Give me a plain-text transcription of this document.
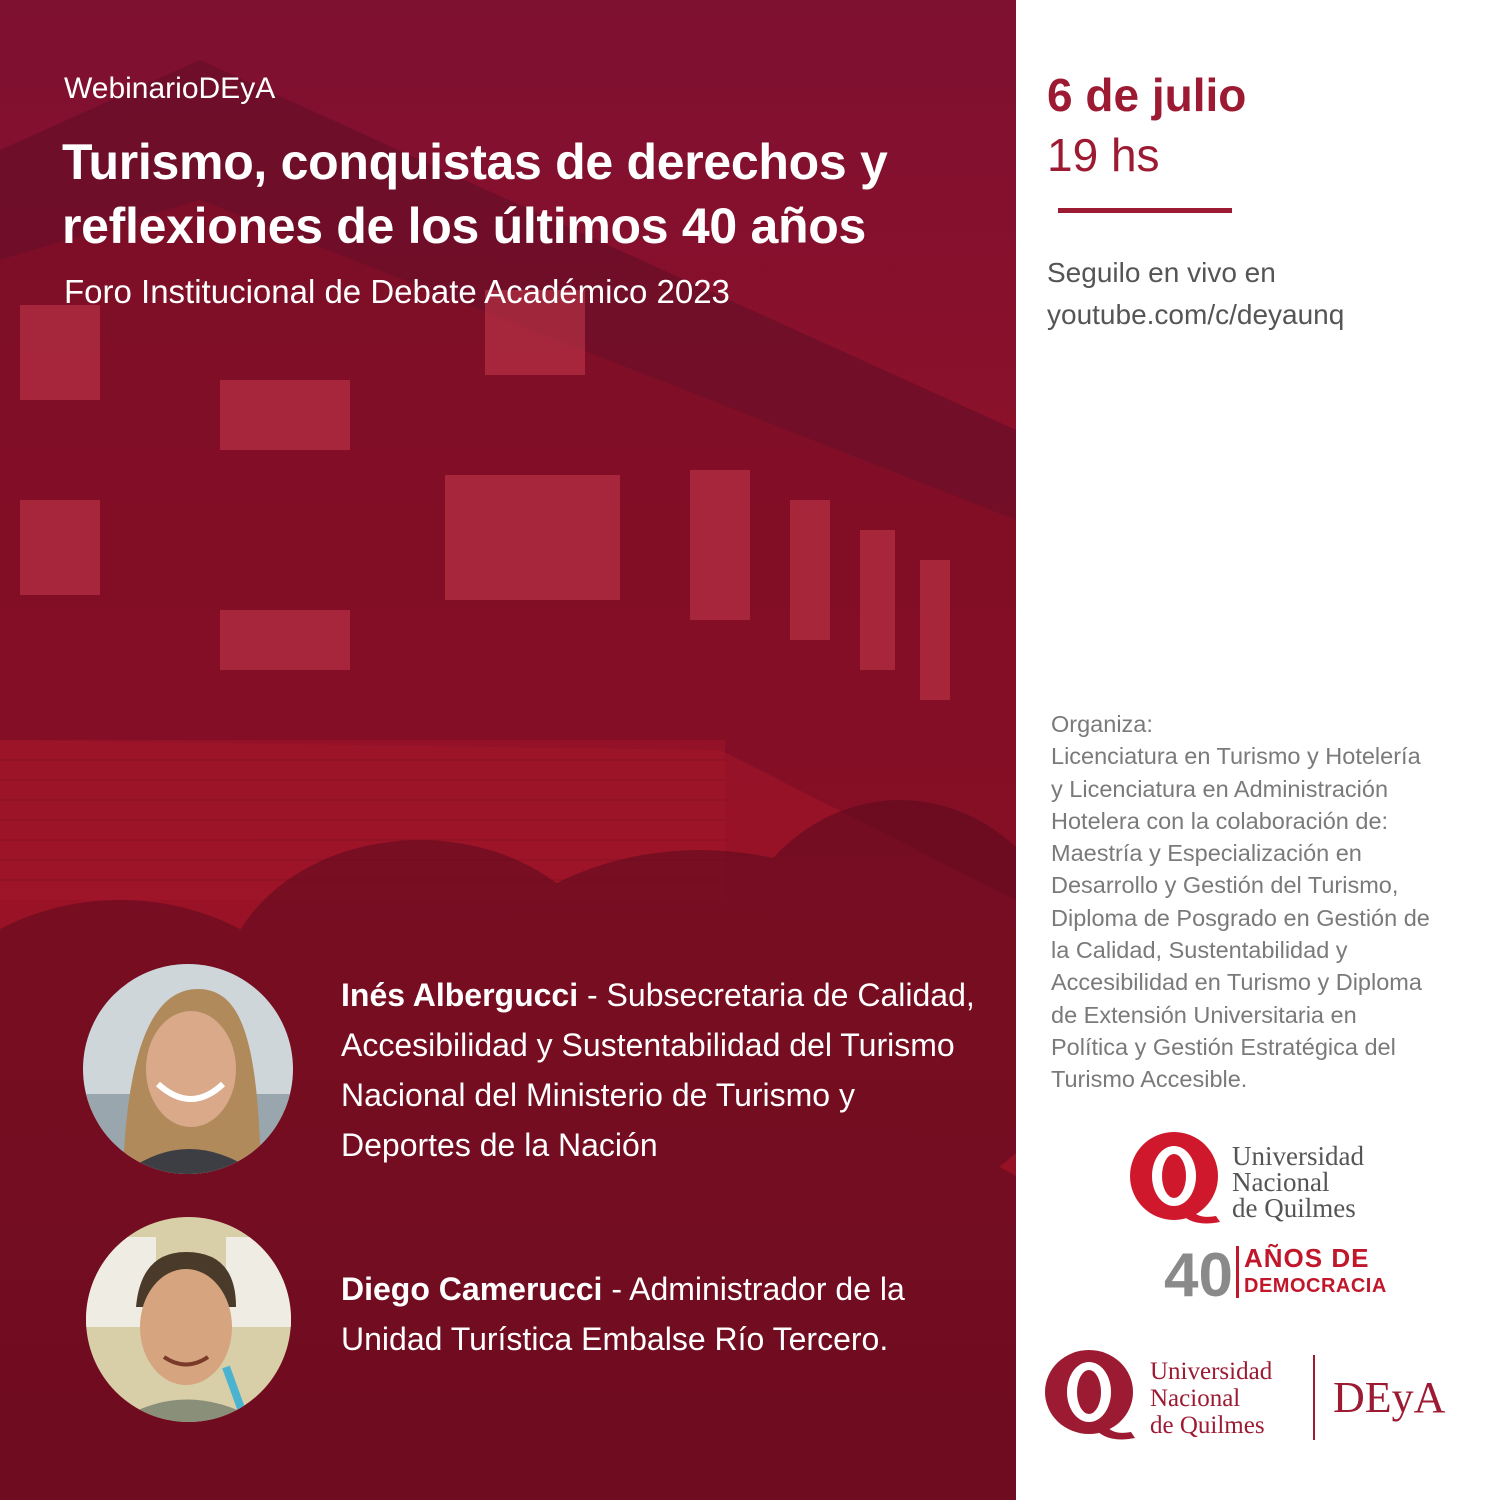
WebinarioDEyA
Turismo, conquistas de derechos y
reflexiones de los últimos 40 años
Foro Institucional de Debate Académico 2023
Inés Albergucci - Subsecretaria de Calidad, Accesibilidad y Sustentabilidad del Turismo Nacional del Ministerio de Turismo y Deportes de la Nación
Diego Camerucci - Administrador de la Unidad Turística Embalse Río Tercero.
6 de julio
19 hs
Seguilo en vivo en
youtube.com/c/deyaunq
Organiza:
Licenciatura en Turismo y Hotelería
y Licenciatura en Administración
Hotelera con la colaboración de:
Maestría y Especialización en
Desarrollo y Gestión del Turismo,
Diploma de Posgrado en Gestión de
la Calidad, Sustentabilidad y
Accesibilidad en Turismo y Diploma
de Extensión Universitaria en
Política y Gestión Estratégica del
Turismo Accesible.
Universidad
Nacional
de Quilmes
40 AÑOS DE
DEMOCRACIA
Universidad
Nacional
de Quilmes
DEyA
